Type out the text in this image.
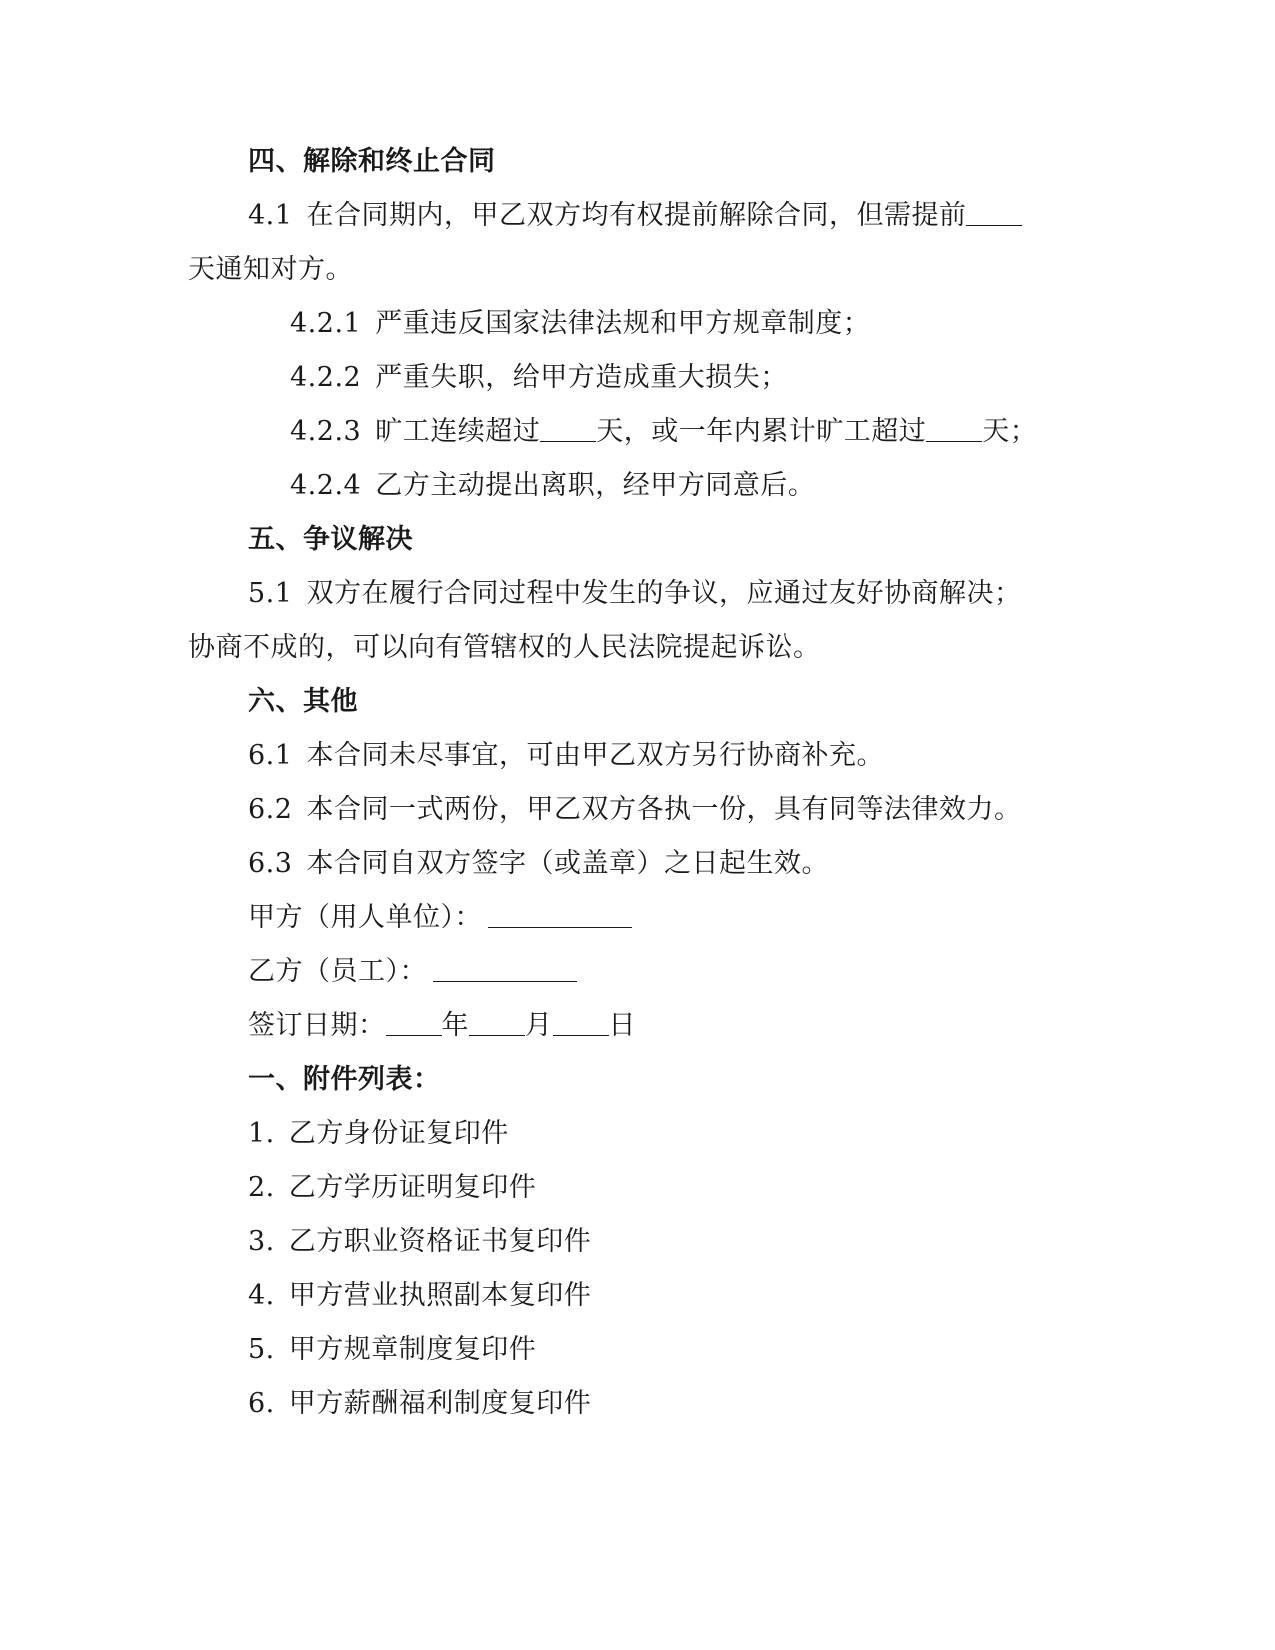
四、解除和终止合同
4.1 在合同期内，甲乙双方均有权提前解除合同，但需提前
天通知对方。
4.2.1 严重违反国家法律法规和甲方规章制度；
4.2.2 严重失职，给甲方造成重大损失；
4.2.3 旷工连续超过 天，或一年内累计旷工超过 天；
4.2.4 乙方主动提出离职，经甲方同意后。
五、争议解决
5.1 双方在履行合同过程中发生的争议，应通过友好协商解决；
协商不成的，可以向有管辖权的人民法院提起诉讼。
六、其他
6.1 本合同未尽事宜，可由甲乙双方另行协商补充。
6.2 本合同一式两份，甲乙双方各执一份，具有同等法律效力。
6.3 本合同自双方签字（或盖章）之日起生效。
甲方（用人单位）：
乙方（员工）：
签订日期： 年 月 日
一、附件列表：
1. 乙方身份证复印件
2. 乙方学历证明复印件
3. 乙方职业资格证书复印件
4. 甲方营业执照副本复印件
5. 甲方规章制度复印件
6. 甲方薪酬福利制度复印件
